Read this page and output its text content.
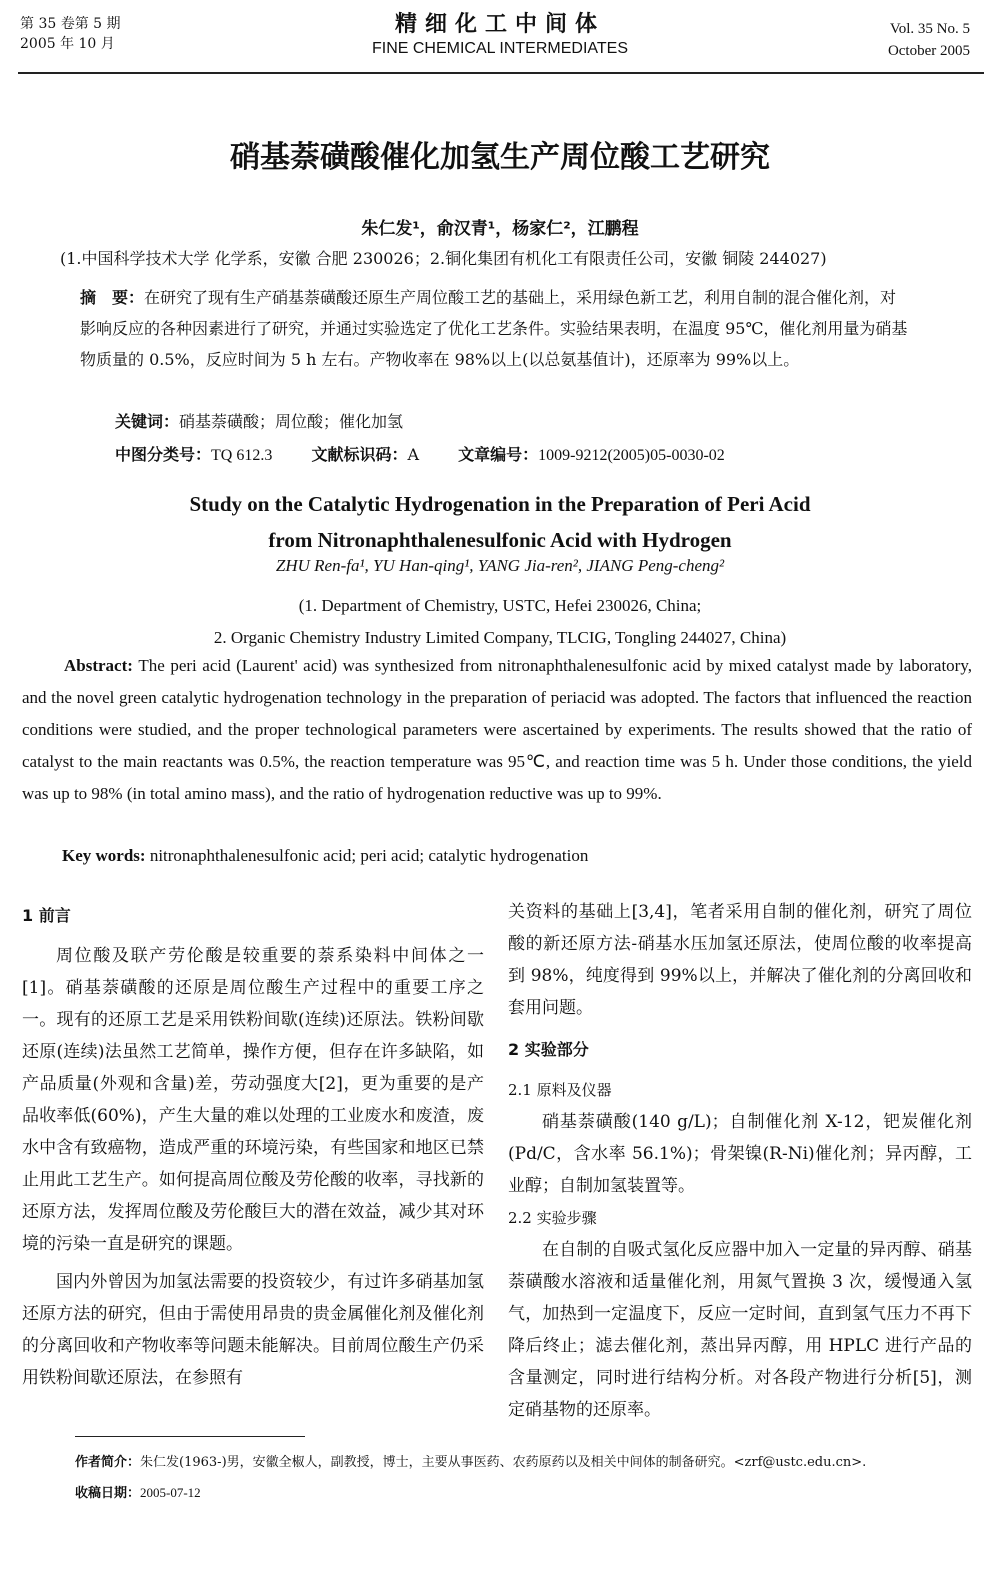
第 35 卷第 5 期
2005 年 10 月
精细化工中间体
FINE CHEMICAL INTERMEDIATES
Vol. 35 No. 5
October 2005
硝基萘磺酸催化加氢生产周位酸工艺研究
朱仁发¹，俞汉青¹，杨家仁²，江鹏程
(1.中国科学技术大学 化学系，安徽 合肥 230026；2.铜化集团有机化工有限责任公司，安徽 铜陵 244027)
摘　要：在研究了现有生产硝基萘磺酸还原生产周位酸工艺的基础上，采用绿色新工艺，利用自制的混合催化剂，对影响反应的各种因素进行了研究，并通过实验选定了优化工艺条件。实验结果表明，在温度 95℃，催化剂用量为硝基物质量的 0.5%，反应时间为 5 h 左右。产物收率在 98%以上(以总氨基值计)，还原率为 99%以上。
关键词：硝基萘磺酸；周位酸；催化加氢
中图分类号：TQ 612.3 文献标识码：A 文章编号：1009-9212(2005)05-0030-02
Study on the Catalytic Hydrogenation in the Preparation of Peri Acid
from Nitronaphthalenesulfonic Acid with Hydrogen
ZHU Ren-fa¹, YU Han-qing¹, YANG Jia-ren², JIANG Peng-cheng²
(1. Department of Chemistry, USTC, Hefei 230026, China;
2. Organic Chemistry Industry Limited Company, TLCIG, Tongling 244027, China)
Abstract: The peri acid (Laurent' acid) was synthesized from nitronaphthalenesulfonic acid by mixed catalyst made by laboratory, and the novel green catalytic hydrogenation technology in the preparation of periacid was adopted. The factors that influenced the reaction conditions were studied, and the proper technological parameters were ascertained by experiments. The results showed that the ratio of catalyst to the main reactants was 0.5%, the reaction temperature was 95℃, and reaction time was 5 h. Under those conditions, the yield was up to 98% (in total amino mass), and the ratio of hydrogenation reductive was up to 99%.
Key words: nitronaphthalenesulfonic acid; peri acid; catalytic hydrogenation

1 前言

周位酸及联产劳伦酸是较重要的萘系染料中间体之一[1]。硝基萘磺酸的还原是周位酸生产过程中的重要工序之一。现有的还原工艺是采用铁粉间歇(连续)还原法。铁粉间歇还原(连续)法虽然工艺简单，操作方便，但存在许多缺陷，如产品质量(外观和含量)差，劳动强度大[2]，更为重要的是产品收率低(60%)，产生大量的难以处理的工业废水和废渣，废水中含有致癌物，造成严重的环境污染，有些国家和地区已禁止用此工艺生产。如何提高周位酸及劳伦酸的收率，寻找新的还原方法，发挥周位酸及劳伦酸巨大的潜在效益，减少其对环境的污染一直是研究的课题。

国内外曾因为加氢法需要的投资较少，有过许多硝基加氢还原方法的研究，但由于需使用昂贵的贵金属催化剂及催化剂的分离回收和产物收率等问题未能解决。目前周位酸生产仍采用铁粉间歇还原法，在参照有

关资料的基础上[3,4]，笔者采用自制的催化剂，研究了周位酸的新还原方法-硝基水压加氢还原法，使周位酸的收率提高到 98%，纯度得到 99%以上，并解决了催化剂的分离回收和套用问题。

2 实验部分

2.1 原料及仪器

硝基萘磺酸(140 g/L)；自制催化剂 X-12，钯炭催化剂(Pd/C，含水率 56.1%)；骨架镍(R-Ni)催化剂；异丙醇，工业醇；自制加氢装置等。

2.2 实验步骤

在自制的自吸式氢化反应器中加入一定量的异丙醇、硝基萘磺酸水溶液和适量催化剂，用氮气置换 3 次，缓慢通入氢气，加热到一定温度下，反应一定时间，直到氢气压力不再下降后终止；滤去催化剂，蒸出异丙醇，用 HPLC 进行产品的含量测定，同时进行结构分析。对各段产物进行分析[5]，测定硝基物的还原率。

作者简介：朱仁发(1963-)男，安徽全椒人，副教授，博士，主要从事医药、农药原药以及相关中间体的制备研究。<zrf@ustc.edu.cn>.
收稿日期：2005-07-12
